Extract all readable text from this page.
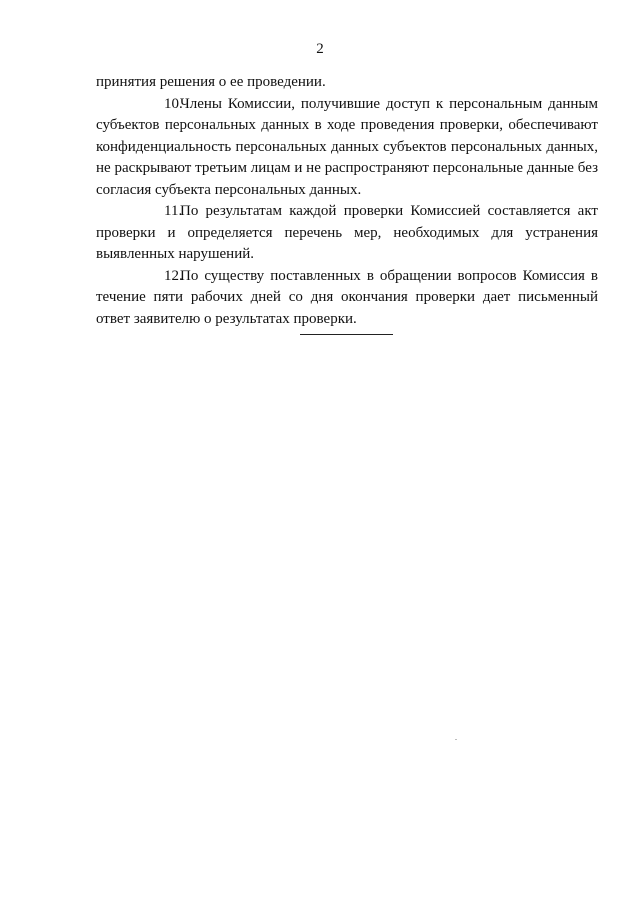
2

принятия решения о ее проведении.

10.Члены Комиссии, получившие доступ к персональным данным субъектов персональных данных в ходе проведения проверки, обеспечивают конфиденциальность персональных данных субъектов персональных данных, не раскрывают третьим лицам и не распространяют персональные данные без согласия субъекта персональных данных.

11.По результатам каждой проверки Комиссией составляется акт проверки и определяется перечень мер, необходимых для устранения выявленных нарушений.

12.По существу поставленных в обращении вопросов Комиссия в течение пяти рабочих дней со дня окончания проверки дает письменный ответ заявителю о результатах проверки.
